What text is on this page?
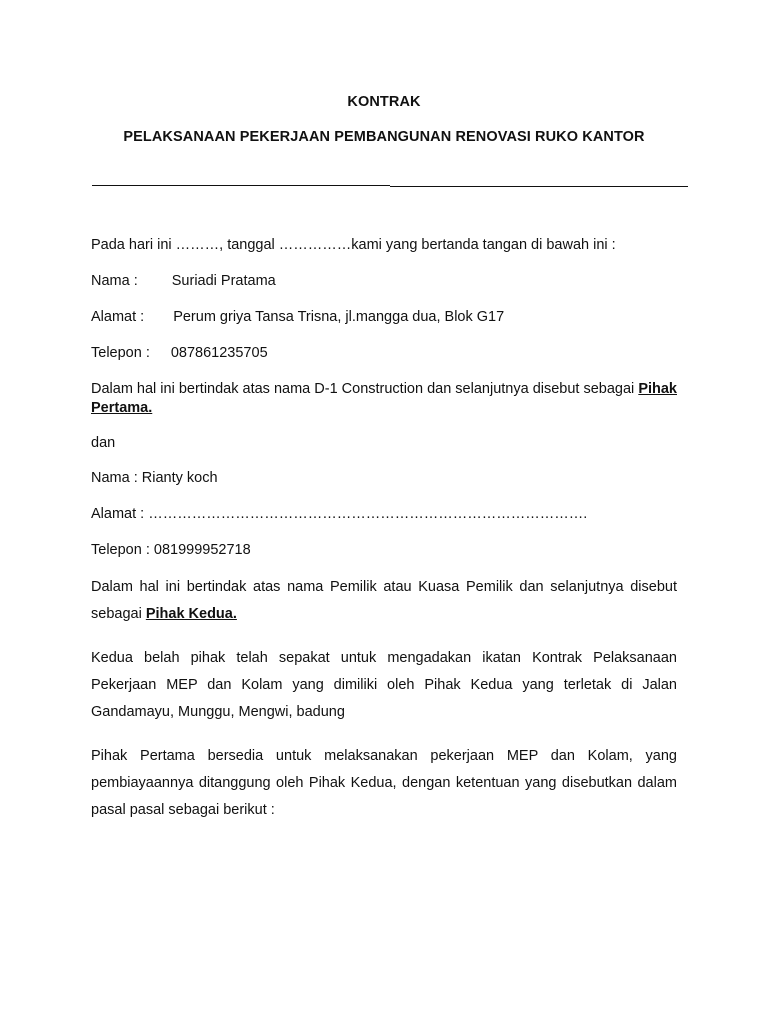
KONTRAK
PELAKSANAAN PEKERJAAN PEMBANGUNAN RENOVASI RUKO KANTOR

Pada hari ini ………, tanggal ……………kami yang bertanda tangan di bawah ini :

Nama : Suriadi Pratama

Alamat : Perum griya Tansa Trisna, jl.mangga dua, Blok G17

Telepon : 087861235705

Dalam hal ini bertindak atas nama D-1 Construction dan selanjutnya disebut sebagai Pihak Pertama.

dan

Nama : Rianty koch

Alamat : ……………………………………………………………………………….

Telepon : 081999952718

Dalam hal ini bertindak atas nama Pemilik atau Kuasa Pemilik dan selanjutnya disebut sebagai Pihak Kedua.

Kedua belah pihak telah sepakat untuk mengadakan ikatan Kontrak Pelaksanaan Pekerjaan MEP dan Kolam yang dimiliki oleh Pihak Kedua yang terletak di Jalan Gandamayu, Munggu, Mengwi, badung

Pihak Pertama bersedia untuk melaksanakan pekerjaan MEP dan Kolam, yang pembiayaannya ditanggung oleh Pihak Kedua, dengan ketentuan yang disebutkan dalam pasal pasal sebagai berikut :
